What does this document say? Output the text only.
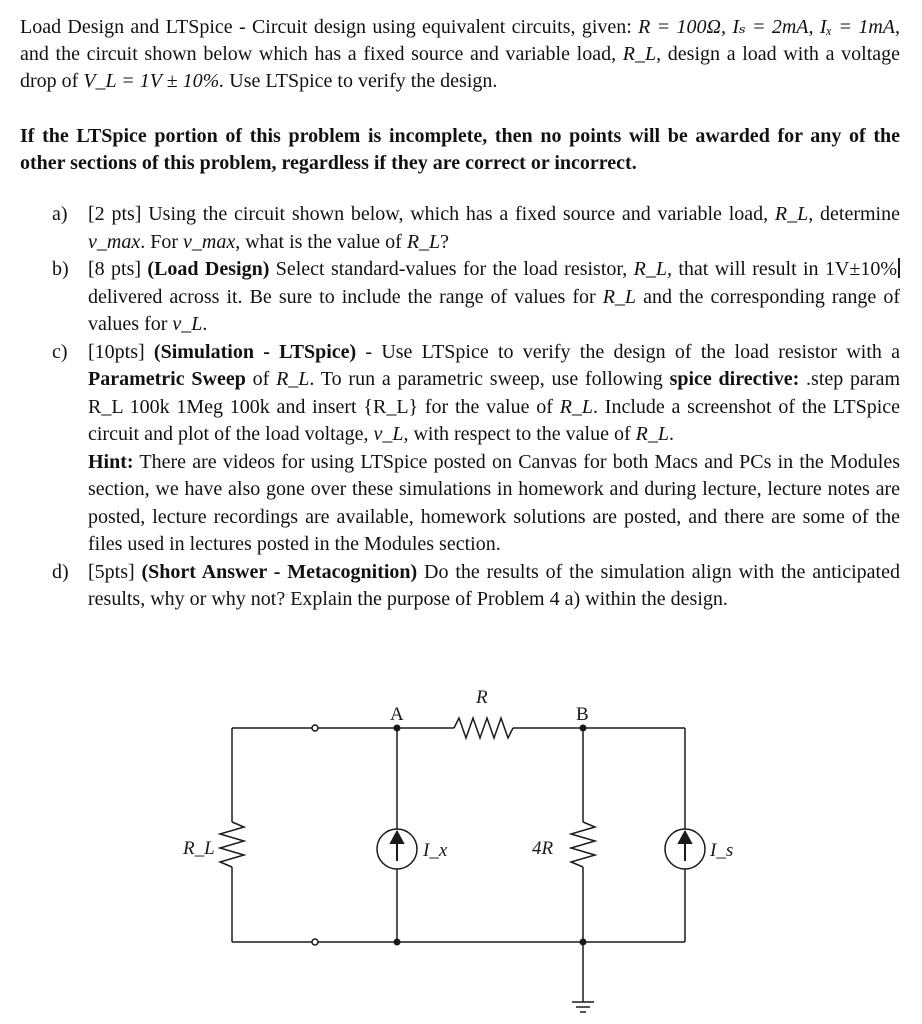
Load Design and LTSpice - Circuit design using equivalent circuits, given: R = 100Ω, Iₛ = 2mA, Iₓ = 1mA, and the circuit shown below which has a fixed source and variable load, R_L, design a load with a voltage drop of V_L = 1V ± 10%. Use LTSpice to verify the design.

If the LTSpice portion of this problem is incomplete, then no points will be awarded for any of the other sections of this problem, regardless if they are correct or incorrect.

a) [2 pts] Using the circuit shown below, which has a fixed source and variable load, R_L, determine v_max. For v_max, what is the value of R_L?
b) [8 pts] (Load Design) Select standard-values for the load resistor, R_L, that will result in 1V±10% delivered across it. Be sure to include the range of values for R_L and the corresponding range of values for v_L.
c) [10pts] (Simulation - LTSpice) - Use LTSpice to verify the design of the load resistor with a Parametric Sweep of R_L. To run a parametric sweep, use following spice directive: .step param R_L 100k 1Meg 100k and insert {R_L} for the value of R_L. Include a screenshot of the LTSpice circuit and plot of the load voltage, v_L, with respect to the value of R_L.
Hint: There are videos for using LTSpice posted on Canvas for both Macs and PCs in the Modules section, we have also gone over these simulations in homework and during lecture, lecture notes are posted, lecture recordings are available, homework solutions are posted, and there are some of the files used in lectures posted in the Modules section.
d) [5pts] (Short Answer - Metacognition) Do the results of the simulation align with the anticipated results, why or why not? Explain the purpose of Problem 4 a) within the design.
A	B
R
R_L	4R
I_x	I_s
